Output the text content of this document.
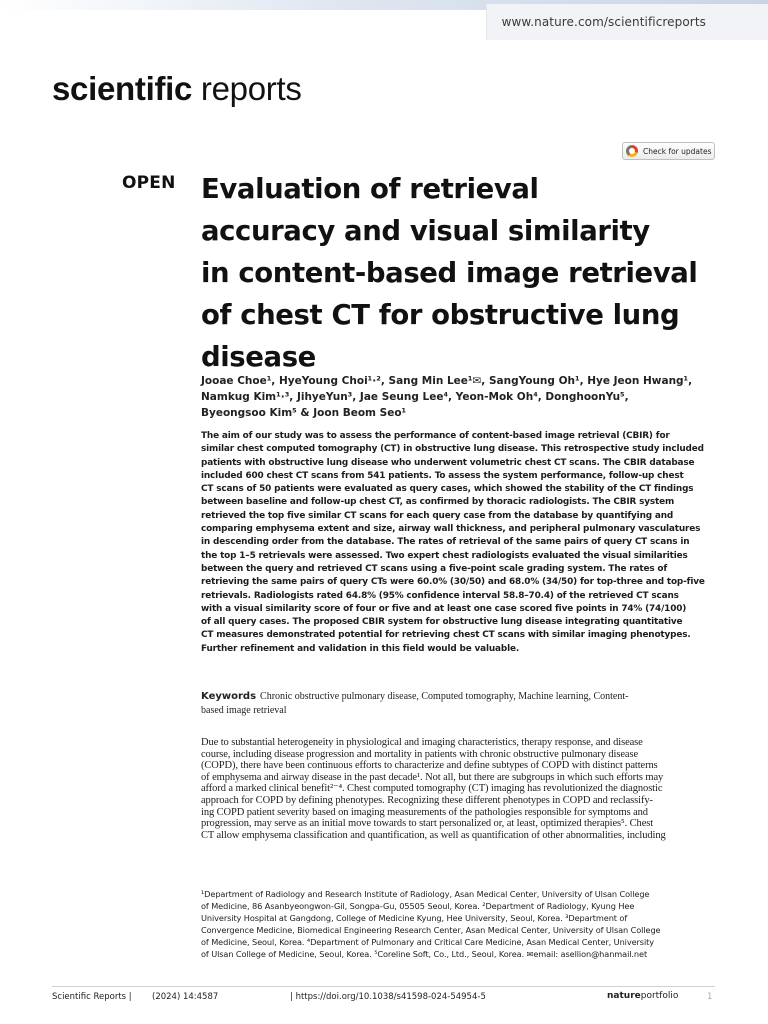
www.nature.com/scientificreports
scientific reports
Check for updates
OPEN Evaluation of retrieval
accuracy and visual similarity
in content-based image retrieval
of chest CT for obstructive lung
disease
Jooae Choe¹, HyeYoung Choi¹·², Sang Min Lee¹✉, SangYoung Oh¹, Hye Jeon Hwang¹,
Namkug Kim¹·³, JihyeYun³, Jae Seung Lee⁴, Yeon-Mok Oh⁴, DonghoonYu⁵,
Byeongsoo Kim⁵ & Joon Beom Seo¹
The aim of our study was to assess the performance of content-based image retrieval (CBIR) for
similar chest computed tomography (CT) in obstructive lung disease. This retrospective study included
patients with obstructive lung disease who underwent volumetric chest CT scans. The CBIR database
included 600 chest CT scans from 541 patients. To assess the system performance, follow-up chest
CT scans of 50 patients were evaluated as query cases, which showed the stability of the CT findings
between baseline and follow-up chest CT, as confirmed by thoracic radiologists. The CBIR system
retrieved the top five similar CT scans for each query case from the database by quantifying and
comparing emphysema extent and size, airway wall thickness, and peripheral pulmonary vasculatures
in descending order from the database. The rates of retrieval of the same pairs of query CT scans in
the top 1–5 retrievals were assessed. Two expert chest radiologists evaluated the visual similarities
between the query and retrieved CT scans using a five-point scale grading system. The rates of
retrieving the same pairs of query CTs were 60.0% (30/50) and 68.0% (34/50) for top-three and top-five
retrievals. Radiologists rated 64.8% (95% confidence interval 58.8–70.4) of the retrieved CT scans
with a visual similarity score of four or five and at least one case scored five points in 74% (74/100)
of all query cases. The proposed CBIR system for obstructive lung disease integrating quantitative
CT measures demonstrated potential for retrieving chest CT scans with similar imaging phenotypes.
Further refinement and validation in this field would be valuable.
Keywords Chronic obstructive pulmonary disease, Computed tomography, Machine learning, Content-
based image retrieval
Due to substantial heterogeneity in physiological and imaging characteristics, therapy response, and disease
course, including disease progression and mortality in patients with chronic obstructive pulmonary disease
(COPD), there have been continuous efforts to characterize and define subtypes of COPD with distinct patterns
of emphysema and airway disease in the past decade¹. Not all, but there are subgroups in which such efforts may
afford a marked clinical benefit²⁻⁴. Chest computed tomography (CT) imaging has revolutionized the diagnostic
approach for COPD by defining phenotypes. Recognizing these different phenotypes in COPD and reclassify-
ing COPD patient severity based on imaging measurements of the pathologies responsible for symptoms and
progression, may serve as an initial move towards to start personalized or, at least, optimized therapies⁵. Chest
CT allow emphysema classification and quantification, as well as quantification of other abnormalities, including
¹Department of Radiology and Research Institute of Radiology, Asan Medical Center, University of Ulsan College
of Medicine, 86 Asanbyeongwon-Gil, Songpa-Gu, 05505 Seoul, Korea. ²Department of Radiology, Kyung Hee
University Hospital at Gangdong, College of Medicine Kyung, Hee University, Seoul, Korea. ³Department of
Convergence Medicine, Biomedical Engineering Research Center, Asan Medical Center, University of Ulsan College
of Medicine, Seoul, Korea. ⁴Department of Pulmonary and Critical Care Medicine, Asan Medical Center, University
of Ulsan College of Medicine, Seoul, Korea. ⁵Coreline Soft, Co., Ltd., Seoul, Korea. ✉email: asellion@hanmail.net
Scientific Reports | (2024) 14:4587	| https://doi.org/10.1038/s41598-024-54954-5	natureportfolio	1
